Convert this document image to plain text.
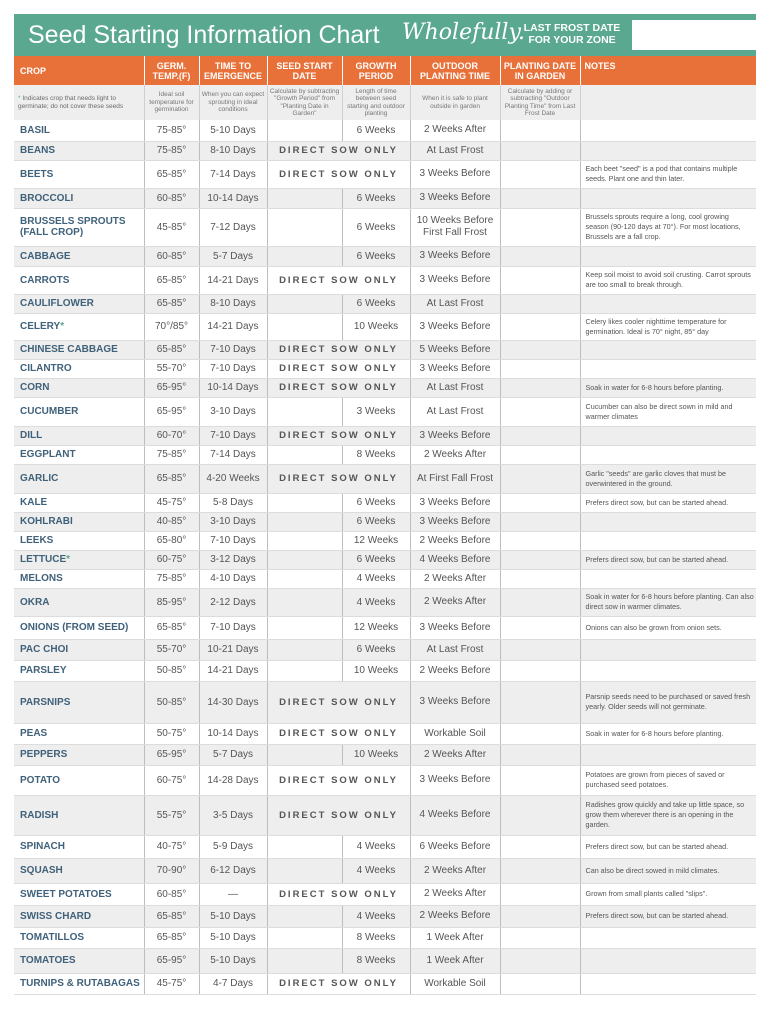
Seed Starting Information Chart Wholefully.
LAST FROST DATE FOR YOUR ZONE
CROP	GERM. TEMP.(F)	TIME TO EMERGENCE	SEED START DATE	GROWTH PERIOD	OUTDOOR PLANTING TIME	PLANTING DATE IN GARDEN	NOTES
* Indicates crop that needs light to germinate; do not cover these seeds	Ideal soil temperature for germination	When you can expect sprouting in ideal conditions	Calculate by subtracting "Growth Period" from "Planting Date in Garden"	Length of time between seed starting and outdoor planting	When it is safe to plant outside in garden	Calculate by adding or subtracting "Outdoor Planting Time" from Last Frost Date	
BASIL	75-85°	5-10 Days		6 Weeks	2 Weeks After		
BEANS	75-85°	8-10 Days	DIRECT SOW ONLY		At Last Frost		
BEETS	65-85°	7-14 Days	DIRECT SOW ONLY		3 Weeks Before		Each beet "seed" is a pod that contains multiple seeds. Plant one and thin later.
BROCCOLI	60-85°	10-14 Days		6 Weeks	3 Weeks Before		
BRUSSELS SPROUTS (FALL CROP)	45-85°	7-12 Days		6 Weeks	10 Weeks Before First Fall Frost		Brussels sprouts require a long, cool growing season (90-120 days at 70°). For most locations, Brussels are a fall crop.
CABBAGE	60-85°	5-7 Days		6 Weeks	3 Weeks Before		
CARROTS	65-85°	14-21 Days	DIRECT SOW ONLY		3 Weeks Before		Keep soil moist to avoid soil crusting. Carrot sprouts are too small to break through.
CAULIFLOWER	65-85°	8-10 Days		6 Weeks	At Last Frost		
CELERY*	70°/85°	14-21 Days		10 Weeks	3 Weeks Before		Celery likes cooler nighttime temperature for germination. Ideal is 70° night, 85° day
CHINESE CABBAGE	65-85°	7-10 Days	DIRECT SOW ONLY		5 Weeks Before		
CILANTRO	55-70°	7-10 Days	DIRECT SOW ONLY		3 Weeks Before		
CORN	65-95°	10-14 Days	DIRECT SOW ONLY		At Last Frost		Soak in water for 6-8 hours before planting.
CUCUMBER	65-95°	3-10 Days		3 Weeks	At Last Frost		Cucumber can also be direct sown in mild and warmer climates
DILL	60-70°	7-10 Days	DIRECT SOW ONLY		3 Weeks Before		
EGGPLANT	75-85°	7-14 Days		8 Weeks	2 Weeks After		
GARLIC	65-85°	4-20 Weeks	DIRECT SOW ONLY		At First Fall Frost		Garlic "seeds" are garlic cloves that must be overwintered in the ground.
KALE	45-75°	5-8 Days		6 Weeks	3 Weeks Before		Prefers direct sow, but can be started ahead.
KOHLRABI	40-85°	3-10 Days		6 Weeks	3 Weeks Before		
LEEKS	65-80°	7-10 Days		12 Weeks	2 Weeks Before		
LETTUCE*	60-75°	3-12 Days		6 Weeks	4 Weeks Before		Prefers direct sow, but can be started ahead.
MELONS	75-85°	4-10 Days		4 Weeks	2 Weeks After		
OKRA	85-95°	2-12 Days		4 Weeks	2 Weeks After		Soak in water for 6-8 hours before planting. Can also direct sow in warmer climates.
ONIONS (FROM SEED)	65-85°	7-10 Days		12 Weeks	3 Weeks Before		Onions can also be grown from onion sets.
PAC CHOI	55-70°	10-21 Days		6 Weeks	At Last Frost		
PARSLEY	50-85°	14-21 Days		10 Weeks	2 Weeks Before		
PARSNIPS	50-85°	14-30 Days	DIRECT SOW ONLY		3 Weeks Before		Parsnip seeds need to be purchased or saved fresh yearly. Older seeds will not germinate.
PEAS	50-75°	10-14 Days	DIRECT SOW ONLY		Workable Soil		Soak in water for 6-8 hours before planting.
PEPPERS	65-95°	5-7 Days		10 Weeks	2 Weeks After		
POTATO	60-75°	14-28 Days	DIRECT SOW ONLY		3 Weeks Before		Potatoes are grown from pieces of saved or purchased seed potatoes.
RADISH	55-75°	3-5 Days	DIRECT SOW ONLY		4 Weeks Before		Radishes grow quickly and take up little space, so grow them wherever there is an opening in the garden.
SPINACH	40-75°	5-9 Days		4 Weeks	6 Weeks Before		Prefers direct sow, but can be started ahead.
SQUASH	70-90°	6-12 Days		4 Weeks	2 Weeks After		Can also be direct sowed in mild climates.
SWEET POTATOES	60-85°	—	DIRECT SOW ONLY		2 Weeks After		Grown from small plants called "slips".
SWISS CHARD	65-85°	5-10 Days		4 Weeks	2 Weeks Before		Prefers direct sow, but can be started ahead.
TOMATILLOS	65-85°	5-10 Days		8 Weeks	1 Week After		
TOMATOES	65-95°	5-10 Days		8 Weeks	1 Week After		
TURNIPS & RUTABAGAS	45-75°	4-7 Days	DIRECT SOW ONLY		Workable Soil		
